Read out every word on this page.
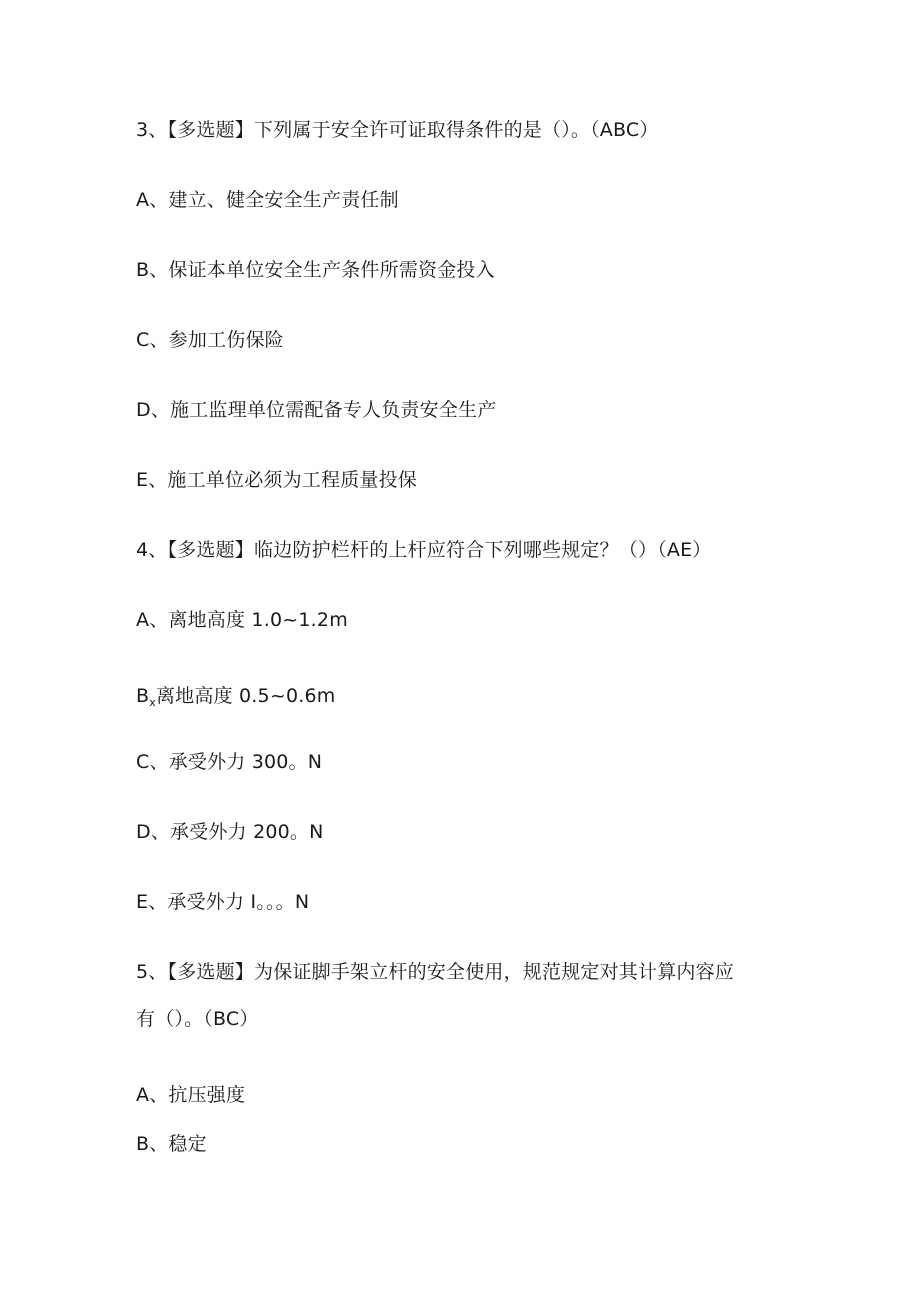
3、【多选题】下列属于安全许可证取得条件的是（）。（ABC）
A、建立、健全安全生产责任制
B、保证本单位安全生产条件所需资金投入
C、参加工伤保险
D、施工监理单位需配备专人负责安全生产
E、施工单位必须为工程质量投保
4、【多选题】临边防护栏杆的上杆应符合下列哪些规定？（）（AE）
A、离地高度 1.0~1.2m
$B_x$离地高度 0.5~0.6m
C、承受外力 300。N
D、承受外力 200。N
E、承受外力 I。。。N
5、【多选题】为保证脚手架立杆的安全使用，规范规定对其计算内容应
有（）。（BC）
A、抗压强度
B、稳定
